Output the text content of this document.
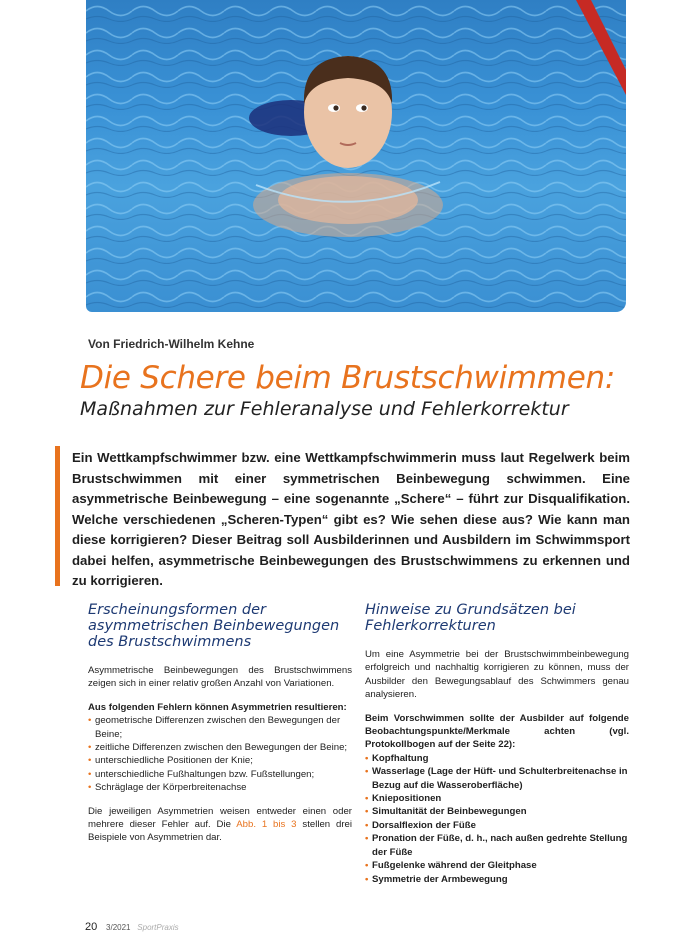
Von Friedrich-Wilhelm Kehne
Die Schere beim Brustschwimmen:
Maßnahmen zur Fehleranalyse und Fehlerkorrektur
Ein Wettkampfschwimmer bzw. eine Wettkampfschwimmerin muss laut Regelwerk beim Brustschwimmen mit einer symmetrischen Beinbewegung schwimmen. Eine asymmetrische Beinbewegung – eine sogenannte „Schere“ – führt zur Disqualifikation. Welche verschiedenen „Scheren-Typen“ gibt es? Wie sehen diese aus? Wie kann man diese korrigieren? Dieser Beitrag soll Ausbilderinnen und Ausbildern im Schwimmsport dabei helfen, asymmetrische Beinbewegungen des Brustschwimmens zu erkennen und zu korrigieren.
Erscheinungsformen der asymmetrischen Beinbewegungen des Brustschwimmens

Asymmetrische Beinbewegungen des Brustschwimmens zeigen sich in einer relativ großen Anzahl von Variationen.

Aus folgenden Fehlern können Asymmetrien resultieren:

• geometrische Differenzen zwischen den Bewegungen der Beine;
• zeitliche Differenzen zwischen den Bewegungen der Beine;
• unterschiedliche Positionen der Knie;
• unterschiedliche Fußhaltungen bzw. Fußstellungen;
• Schräglage der Körperbreitenachse

Die jeweiligen Asymmetrien weisen entweder einen oder mehrere dieser Fehler auf. Die Abb. 1 bis 3 stellen drei Beispiele von Asymmetrien dar.

Hinweise zu Grundsätzen bei Fehlerkorrekturen

Um eine Asymmetrie bei der Brustschwimmbeinbewegung erfolgreich und nachhaltig korrigieren zu können, muss der Ausbilder den Bewegungsablauf des Schwimmers genau analysieren.

Beim Vorschwimmen sollte der Ausbilder auf folgende Beobachtungspunkte/Merkmale achten (vgl. Protokollbogen auf der Seite 22):

• Kopfhaltung
• Wasserlage (Lage der Hüft- und Schulterbreitenachse in Bezug auf die Wasseroberfläche)
• Kniepositionen
• Simultanität der Beinbewegungen
• Dorsalflexion der Füße
• Pronation der Füße, d. h., nach außen gedrehte Stellung der Füße
• Fußgelenke während der Gleitphase
• Symmetrie der Armbewegung
20 3/2021 SportPraxis
